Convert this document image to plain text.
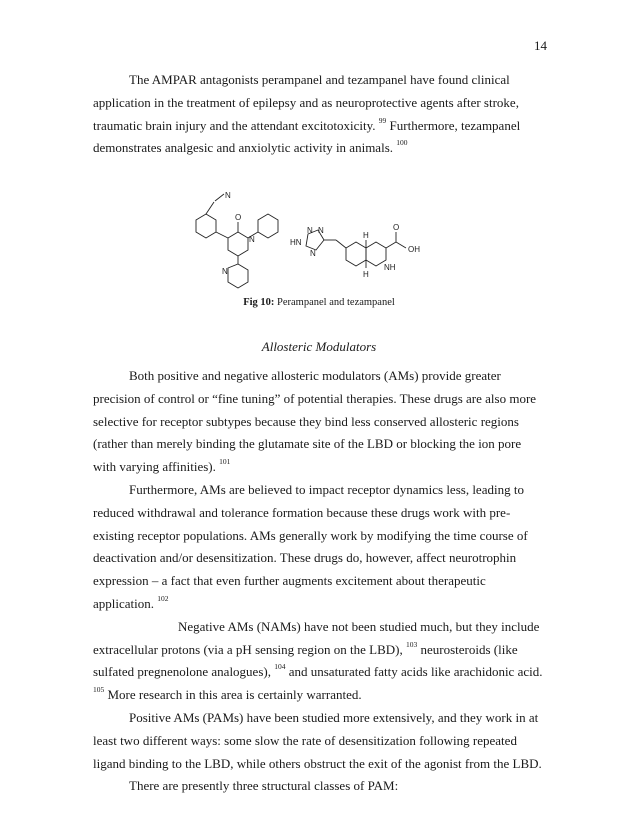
14

The AMPAR antagonists perampanel and tezampanel have found clinical application in the treatment of epilepsy and as neuroprotective agents after stroke, traumatic brain injury and the attendant excitotoxicity. $^{99}$ Furthermore, tezampanel demonstrates analgesic and anxiolytic activity in animals. $^{100}$

N
O
N
N
N N
N
HN
H
H
NH
O
OH
Fig 10: Perampanel and tezampanel
Allosteric Modulators

Both positive and negative allosteric modulators (AMs) provide greater precision of control or “fine tuning” of potential therapies. These drugs are also more selective for receptor subtypes because they bind less conserved allosteric regions (rather than merely binding the glutamate site of the LBD or blocking the ion pore with varying affinities). $^{101}$

Furthermore, AMs are believed to impact receptor dynamics less, leading to reduced withdrawal and tolerance formation because these drugs work with pre-existing receptor populations. AMs generally work by modifying the time course of deactivation and/or desensitization. These drugs do, however, affect neurotrophin expression – a fact that even further augments excitement about therapeutic application. $^{102}$

Negative AMs (NAMs) have not been studied much, but they include extracellular protons (via a pH sensing region on the LBD), $^{103}$ neurosteroids (like sulfated pregnenolone analogues), $^{104}$ and unsaturated fatty acids like arachidonic acid. $^{105}$ More research in this area is certainly warranted.

Positive AMs (PAMs) have been studied more extensively, and they work in at least two different ways: some slow the rate of desensitization following repeated ligand binding to the LBD, while others obstruct the exit of the agonist from the LBD.

There are presently three structural classes of PAM:
